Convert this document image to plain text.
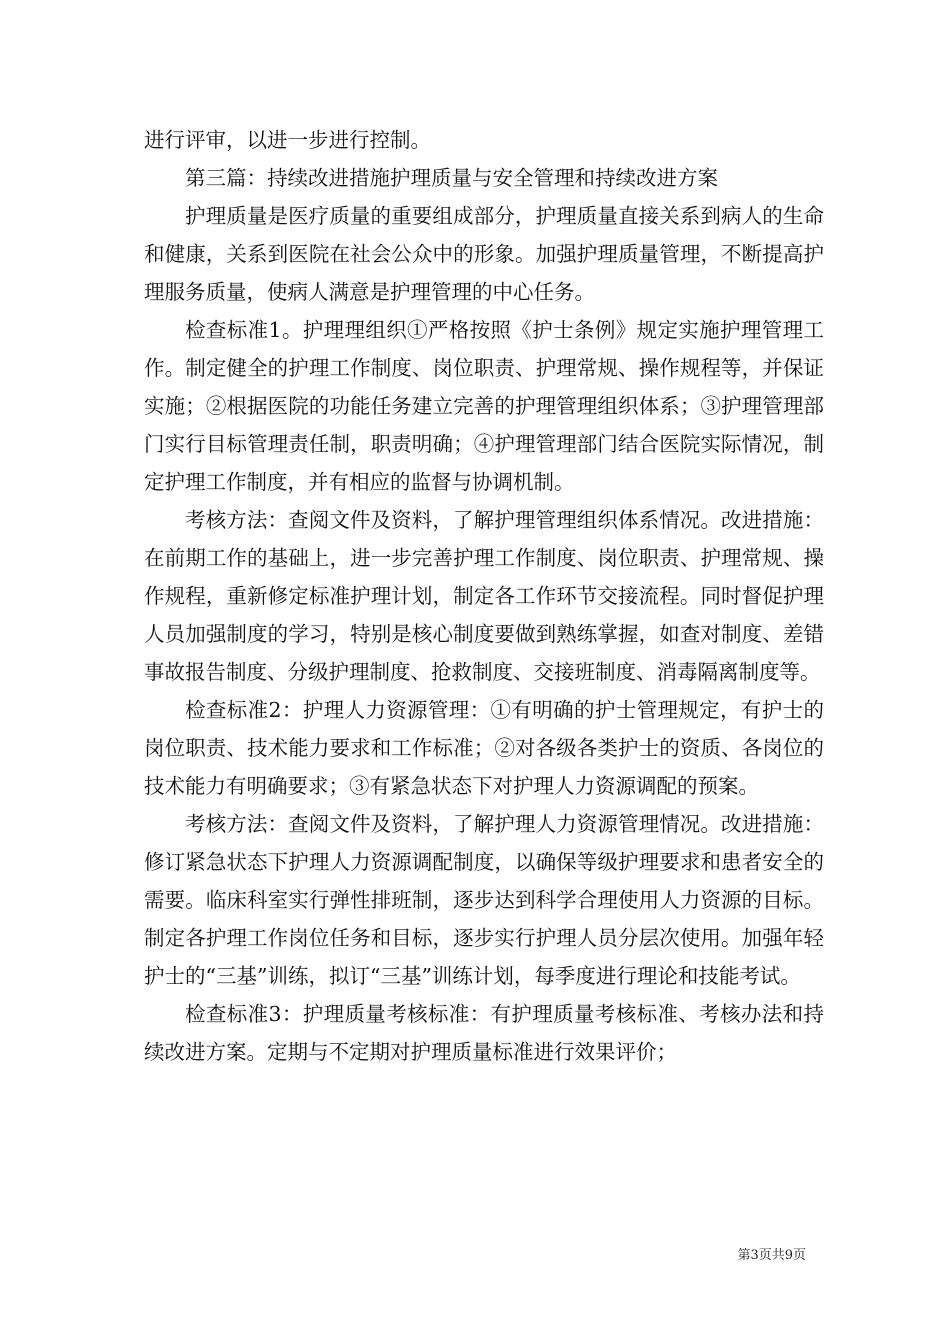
进行评审，以进一步进行控制。

第三篇：持续改进措施护理质量与安全管理和持续改进方案

护理质量是医疗质量的重要组成部分，护理质量直接关系到病人的生命和健康，关系到医院在社会公众中的形象。加强护理质量管理，不断提高护理服务质量，使病人满意是护理管理的中心任务。

检查标准1。护理理组织①严格按照《护士条例》规定实施护理管理工作。制定健全的护理工作制度、岗位职责、护理常规、操作规程等，并保证实施；②根据医院的功能任务建立完善的护理管理组织体系；③护理管理部门实行目标管理责任制，职责明确；④护理管理部门结合医院实际情况，制定护理工作制度，并有相应的监督与协调机制。

考核方法：查阅文件及资料，了解护理管理组织体系情况。改进措施：在前期工作的基础上，进一步完善护理工作制度、岗位职责、护理常规、操作规程，重新修定标准护理计划，制定各工作环节交接流程。同时督促护理人员加强制度的学习，特别是核心制度要做到熟练掌握，如查对制度、差错事故报告制度、分级护理制度、抢救制度、交接班制度、消毒隔离制度等。

检查标准2：护理人力资源管理：①有明确的护士管理规定，有护士的岗位职责、技术能力要求和工作标准；②对各级各类护士的资质、各岗位的技术能力有明确要求；③有紧急状态下对护理人力资源调配的预案。

考核方法：查阅文件及资料，了解护理人力资源管理情况。改进措施：修订紧急状态下护理人力资源调配制度，以确保等级护理要求和患者安全的需要。临床科室实行弹性排班制，逐步达到科学合理使用人力资源的目标。制定各护理工作岗位任务和目标，逐步实行护理人员分层次使用。加强年轻护士的“三基”训练，拟订“三基”训练计划，每季度进行理论和技能考试。

检查标准3：护理质量考核标准：有护理质量考核标准、考核办法和持续改进方案。定期与不定期对护理质量标准进行效果评价；

第3页共9页
